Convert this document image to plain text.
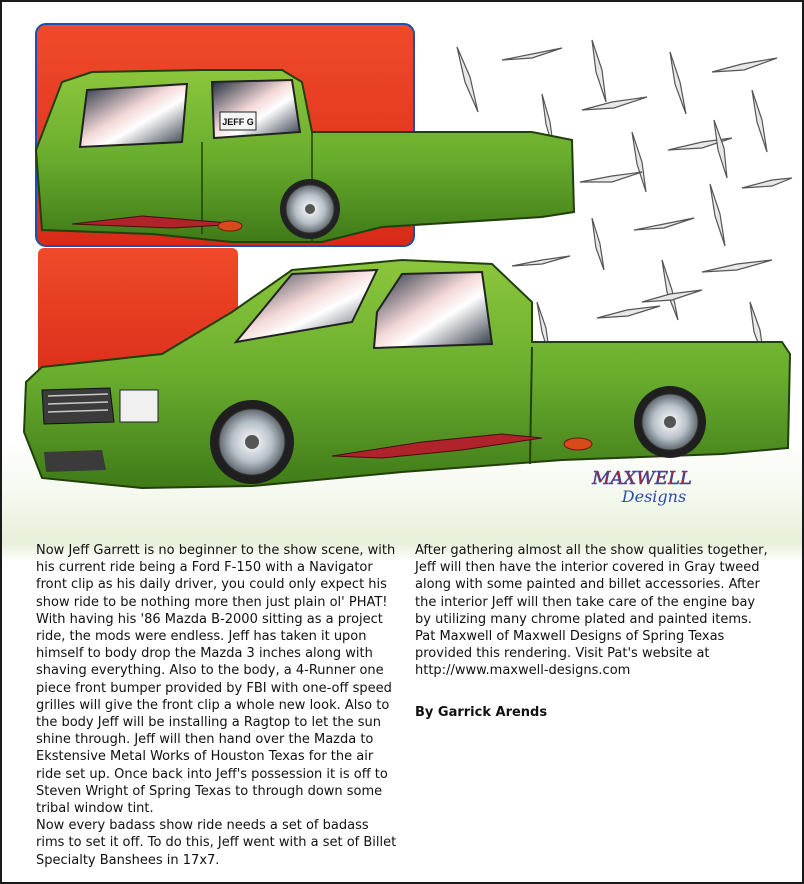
JEFF G
MAXWELL
Designs

Now Jeff Garrett is no beginner to the show scene, with his current ride being a Ford F-150 with a Navigator front clip as his daily driver, you could only expect his show ride to be nothing more then just plain ol' PHAT! With having his '86 Mazda B-2000 sitting as a project ride, the mods were endless. Jeff has taken it upon himself to body drop the Mazda 3 inches along with shaving everything. Also to the body, a 4-Runner one piece front bumper provided by FBI with one-off speed grilles will give the front clip a whole new look. Also to the body Jeff will be installing a Ragtop to let the sun shine through. Jeff will then hand over the Mazda to Ekstensive Metal Works of Houston Texas for the air ride set up. Once back into Jeff's possession it is off to Steven Wright of Spring Texas to through down some tribal window tint.

Now every badass show ride needs a set of badass rims to set it off. To do this, Jeff went with a set of Billet Specialty Banshees in 17x7.

After gathering almost all the show qualities together, Jeff will then have the interior covered in Gray tweed along with some painted and billet accessories. After the interior Jeff will then take care of the engine bay by utilizing many chrome plated and painted items. Pat Maxwell of Maxwell Designs of Spring Texas provided this rendering. Visit Pat's website at http://www.maxwell-designs.com

By Garrick Arends
